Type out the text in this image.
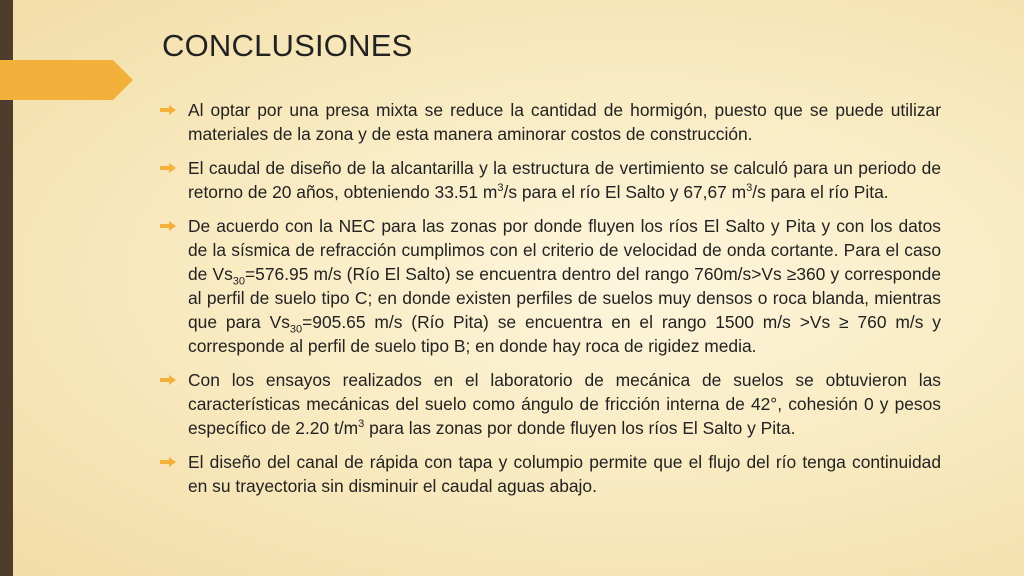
CONCLUSIONES
Al optar por una presa mixta se reduce la cantidad de hormigón, puesto que se puede utilizar materiales de la zona y de esta manera aminorar costos de construcción.
El caudal de diseño de la alcantarilla y la estructura de vertimiento se calculó para un periodo de retorno de 20 años, obteniendo 33.51 $m^3/s$ para el río El Salto y 67,67 $m^3/s$ para el río Pita.
De acuerdo con la NEC para las zonas por donde fluyen los ríos El Salto y Pita y con los datos de la sísmica de refracción cumplimos con el criterio de velocidad de onda cortante. Para el caso de $Vs_{30}=576.95$ m/s (Río El Salto) se encuentra dentro del rango 760m/s>Vs ≥360 y corresponde al perfil de suelo tipo C; en donde existen perfiles de suelos muy densos o roca blanda, mientras que para $Vs_{30}=905.65$ m/s (Río Pita) se encuentra en el rango 1500 m/s >Vs ≥ 760 m/s y corresponde al perfil de suelo tipo B; en donde hay roca de rigidez media.
Con los ensayos realizados en el laboratorio de mecánica de suelos se obtuvieron las características mecánicas del suelo como ángulo de fricción interna de 42°, cohesión 0 y pesos específico de 2.20 $t/m^3$ para las zonas por donde fluyen los ríos El Salto y Pita.
El diseño del canal de rápida con tapa y columpio permite que el flujo del río tenga continuidad en su trayectoria sin disminuir el caudal aguas abajo.
